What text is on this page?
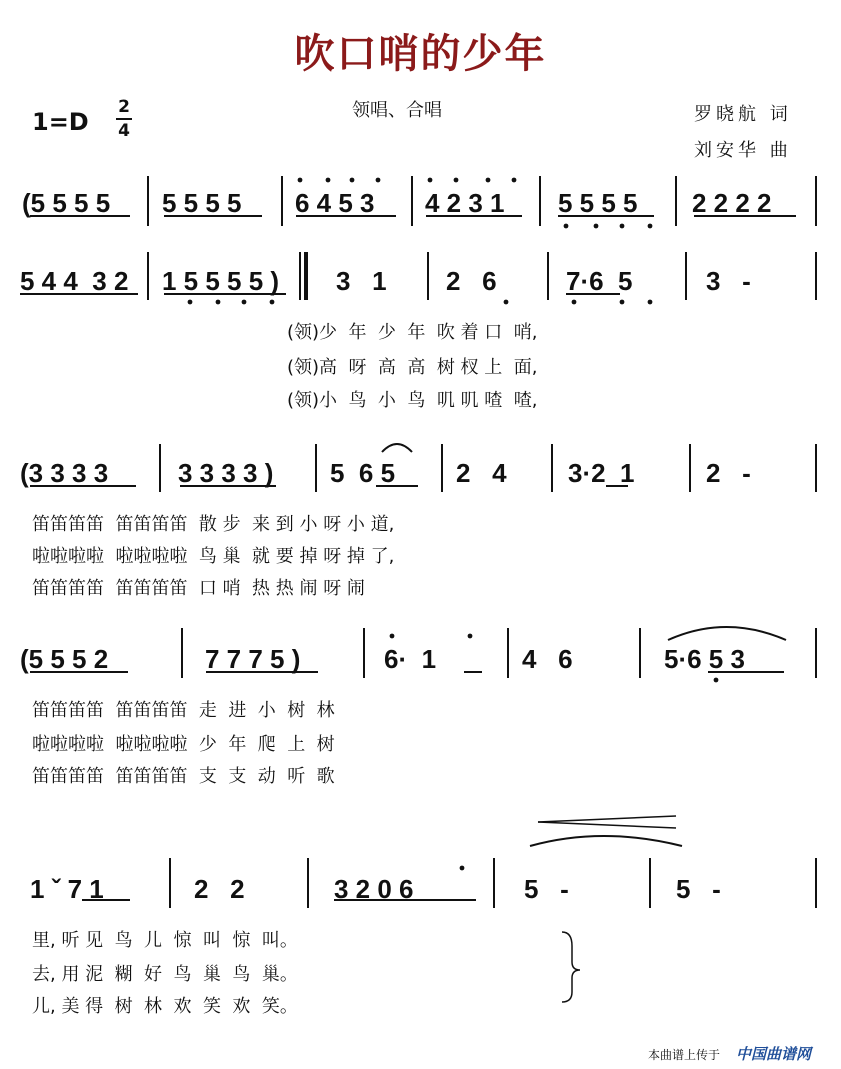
吹口哨的少年
1=D
2
4
领唱、合唱	罗晓航 词
刘安华 曲
(5 5 5 5 5 5 5 5 6 4 5 3 4 2 3 1 5 5 5 5 2 2 2 2
5 4 4  3 2 1 5 5 5 5 ) 3   1 2   6	7·6  5	3   -
(领)少  年  少  年  吹 着 口  哨,
(领)高  呀  高  高  树 杈 上  面,
(领)小  鸟  小  鸟  叽 叽 喳  喳,
(3 3 3 3	3 3 3 3 ) 5  6 5 2   4 3·2  1	2   -
笛笛笛笛  笛笛笛笛  散 步  来 到 小 呀 小 道,
啦啦啦啦  啦啦啦啦  鸟 巢  就 要 掉 呀 掉 了,
笛笛笛笛  笛笛笛笛  口 哨  热 热 闹 呀 闹
(5 5 5 2	7 7 7 5 )	6·  1	4   6	5·6 5 3
笛笛笛笛  笛笛笛笛  走  进  小  树  林
啦啦啦啦  啦啦啦啦  少  年  爬  上  树
笛笛笛笛  笛笛笛笛  支  支  动  听  歌
1 ˇ 7 1	2   2	3 2 0 6	5   -	5   -
里, 听 见  鸟  儿  惊  叫  惊  叫。
去, 用 泥  糊  好  鸟  巢  鸟  巢。
儿, 美 得  树  林  欢  笑  欢  笑。
本曲谱上传于 中国曲谱网
